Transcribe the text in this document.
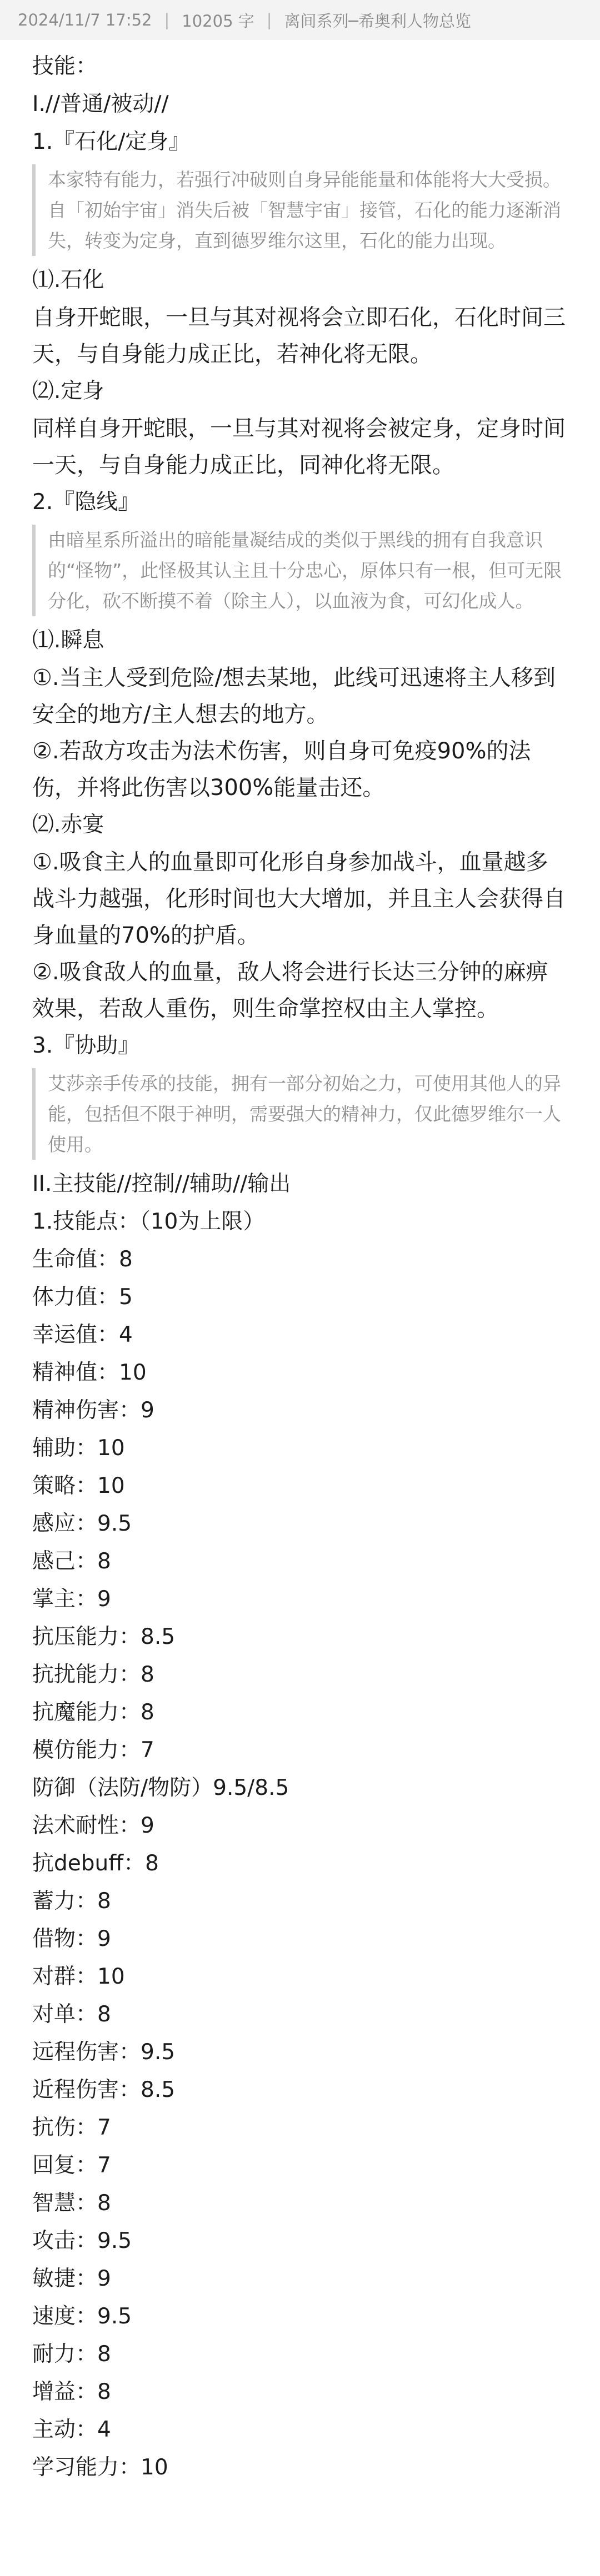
2024/11/7 17:52 | 10205 字 | 离间系列─希奥利人物总览
技能：
I.//普通/被动//
1.『石化/定身』
本家特有能力，若强行冲破则自身异能能量和体能将大大受损。自「初始宇宙」消失后被「智慧宇宙」接管，石化的能力逐渐消失，转变为定身，直到德罗维尔这里，石化的能力出现。
⑴.石化
自身开蛇眼，一旦与其对视将会立即石化，石化时间三天，与自身能力成正比，若神化将无限。
⑵.定身
同样自身开蛇眼，一旦与其对视将会被定身，定身时间一天，与自身能力成正比，同神化将无限。
2.『隐线』
由暗星系所溢出的暗能量凝结成的类似于黑线的拥有自我意识的“怪物”，此怪极其认主且十分忠心，原体只有一根，但可无限分化，砍不断摸不着（除主人），以血液为食，可幻化成人。
⑴.瞬息
①.当主人受到危险/想去某地，此线可迅速将主人移到安全的地方/主人想去的地方。
②.若敌方攻击为法术伤害，则自身可免疫90%的法伤，并将此伤害以300%能量击还。
⑵.赤宴
①.吸食主人的血量即可化形自身参加战斗，血量越多战斗力越强，化形时间也大大增加，并且主人会获得自身血量的70%的护盾。
②.吸食敌人的血量，敌人将会进行长达三分钟的麻痹效果，若敌人重伤，则生命掌控权由主人掌控。
3.『协助』
艾莎亲手传承的技能，拥有一部分初始之力，可使用其他人的异能，包括但不限于神明，需要强大的精神力，仅此德罗维尔一人使用。
II.主技能//控制//辅助//输出
1.技能点：（10为上限）
生命值：8
体力值：5
幸运值：4
精神值：10
精神伤害：9
辅助：10
策略：10
感应：9.5
感己：8
掌主：9
抗压能力：8.5
抗扰能力：8
抗魔能力：8
模仿能力：7
防御（法防/物防）9.5/8.5
法术耐性：9
抗debuff：8
蓄力：8
借物：9
对群：10
对单：8
远程伤害：9.5
近程伤害：8.5
抗伤：7
回复：7
智慧：8
攻击：9.5
敏捷：9
速度：9.5
耐力：8
增益：8
主动：4
学习能力：10
